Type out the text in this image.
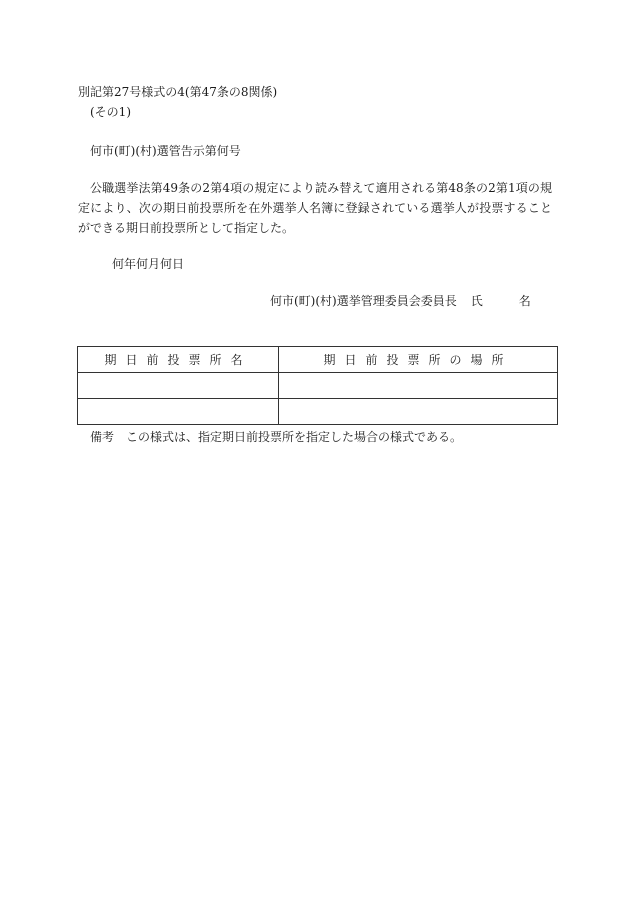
別記第27号様式の4(第47条の8関係)
(その1)
何市(町)(村)選管告示第何号
公職選挙法第49条の2第4項の規定により読み替えて適用される第48条の2第1項の規定により、次の期日前投票所を在外選挙人名簿に登録されている選挙人が投票することができる期日前投票所として指定した。
何年何月何日
何市(町)(村)選挙管理委員会委員長 氏	名
期日前投票所名	期日前投票所の場所

備考　この様式は、指定期日前投票所を指定した場合の様式である。
